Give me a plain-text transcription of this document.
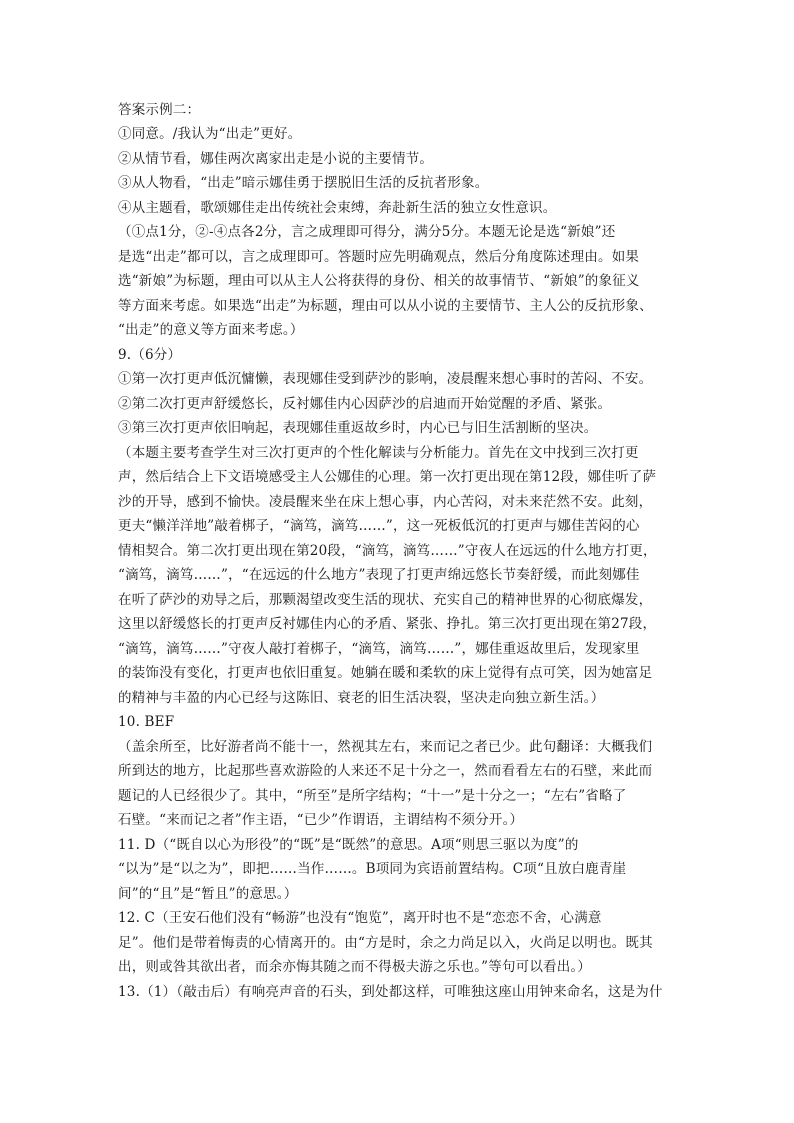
答案示例二：
①同意。/我认为“出走”更好。
②从情节看，娜佳两次离家出走是小说的主要情节。
③从人物看，“出走”暗示娜佳勇于摆脱旧生活的反抗者形象。
④从主题看，歌颂娜佳走出传统社会束缚，奔赴新生活的独立女性意识。
（①点1分，②-④点各2分，言之成理即可得分，满分5分。本题无论是选“新娘”还
是选“出走”都可以，言之成理即可。答题时应先明确观点，然后分角度陈述理由。如果
选“新娘”为标题，理由可以从主人公将获得的身份、相关的故事情节、“新娘”的象征义
等方面来考虑。如果选“出走”为标题，理由可以从小说的主要情节、主人公的反抗形象、
“出走”的意义等方面来考虑。）
9.（6分）
①第一次打更声低沉慵懒，表现娜佳受到萨沙的影响，凌晨醒来想心事时的苦闷、不安。
②第二次打更声舒缓悠长，反衬娜佳内心因萨沙的启迪而开始觉醒的矛盾、紧张。
③第三次打更声依旧响起，表现娜佳重返故乡时，内心已与旧生活割断的坚决。
（本题主要考查学生对三次打更声的个性化解读与分析能力。首先在文中找到三次打更
声，然后结合上下文语境感受主人公娜佳的心理。第一次打更出现在第12段，娜佳听了萨
沙的开导，感到不愉快。凌晨醒来坐在床上想心事，内心苦闷，对未来茫然不安。此刻，
更夫“懒洋洋地”敲着梆子，“滴笃，滴笃……”，这一死板低沉的打更声与娜佳苦闷的心
情相契合。第二次打更出现在第20段，“滴笃，滴笃……”守夜人在远远的什么地方打更，
“滴笃，滴笃……”，“在远远的什么地方”表现了打更声绵远悠长节奏舒缓，而此刻娜佳
在听了萨沙的劝导之后，那颗渴望改变生活的现状、充实自己的精神世界的心彻底爆发，
这里以舒缓悠长的打更声反衬娜佳内心的矛盾、紧张、挣扎。第三次打更出现在第27段，
“滴笃，滴笃……”守夜人敲打着梆子，“滴笃，滴笃……”，娜佳重返故里后，发现家里
的装饰没有变化，打更声也依旧重复。她躺在暖和柔软的床上觉得有点可笑，因为她富足
的精神与丰盈的内心已经与这陈旧、衰老的旧生活决裂，坚决走向独立新生活。）
10. BEF
（盖余所至，比好游者尚不能十一，然视其左右，来而记之者已少。此句翻译：大概我们
所到达的地方，比起那些喜欢游险的人来还不足十分之一，然而看看左右的石壁，来此而
题记的人已经很少了。其中，“所至”是所字结构；“十一”是十分之一；“左右”省略了
石壁。“来而记之者”作主语，“已少”作谓语，主谓结构不须分开。）
11. D（“既自以心为形役”的“既”是“既然”的意思。A项“则思三驱以为度”的
“以为”是“以之为”，即把……当作……。B项同为宾语前置结构。C项“且放白鹿青崖
间”的“且”是“暂且”的意思。）
12. C（王安石他们没有“畅游”也没有“饱览”，离开时也不是“恋恋不舍，心满意
足”。他们是带着悔责的心情离开的。由“方是时，余之力尚足以入，火尚足以明也。既其
出，则或咎其欲出者，而余亦悔其随之而不得极夫游之乐也。”等句可以看出。）
13.（1）（敲击后）有响亮声音的石头，到处都这样，可唯独这座山用钟来命名，这是为什
